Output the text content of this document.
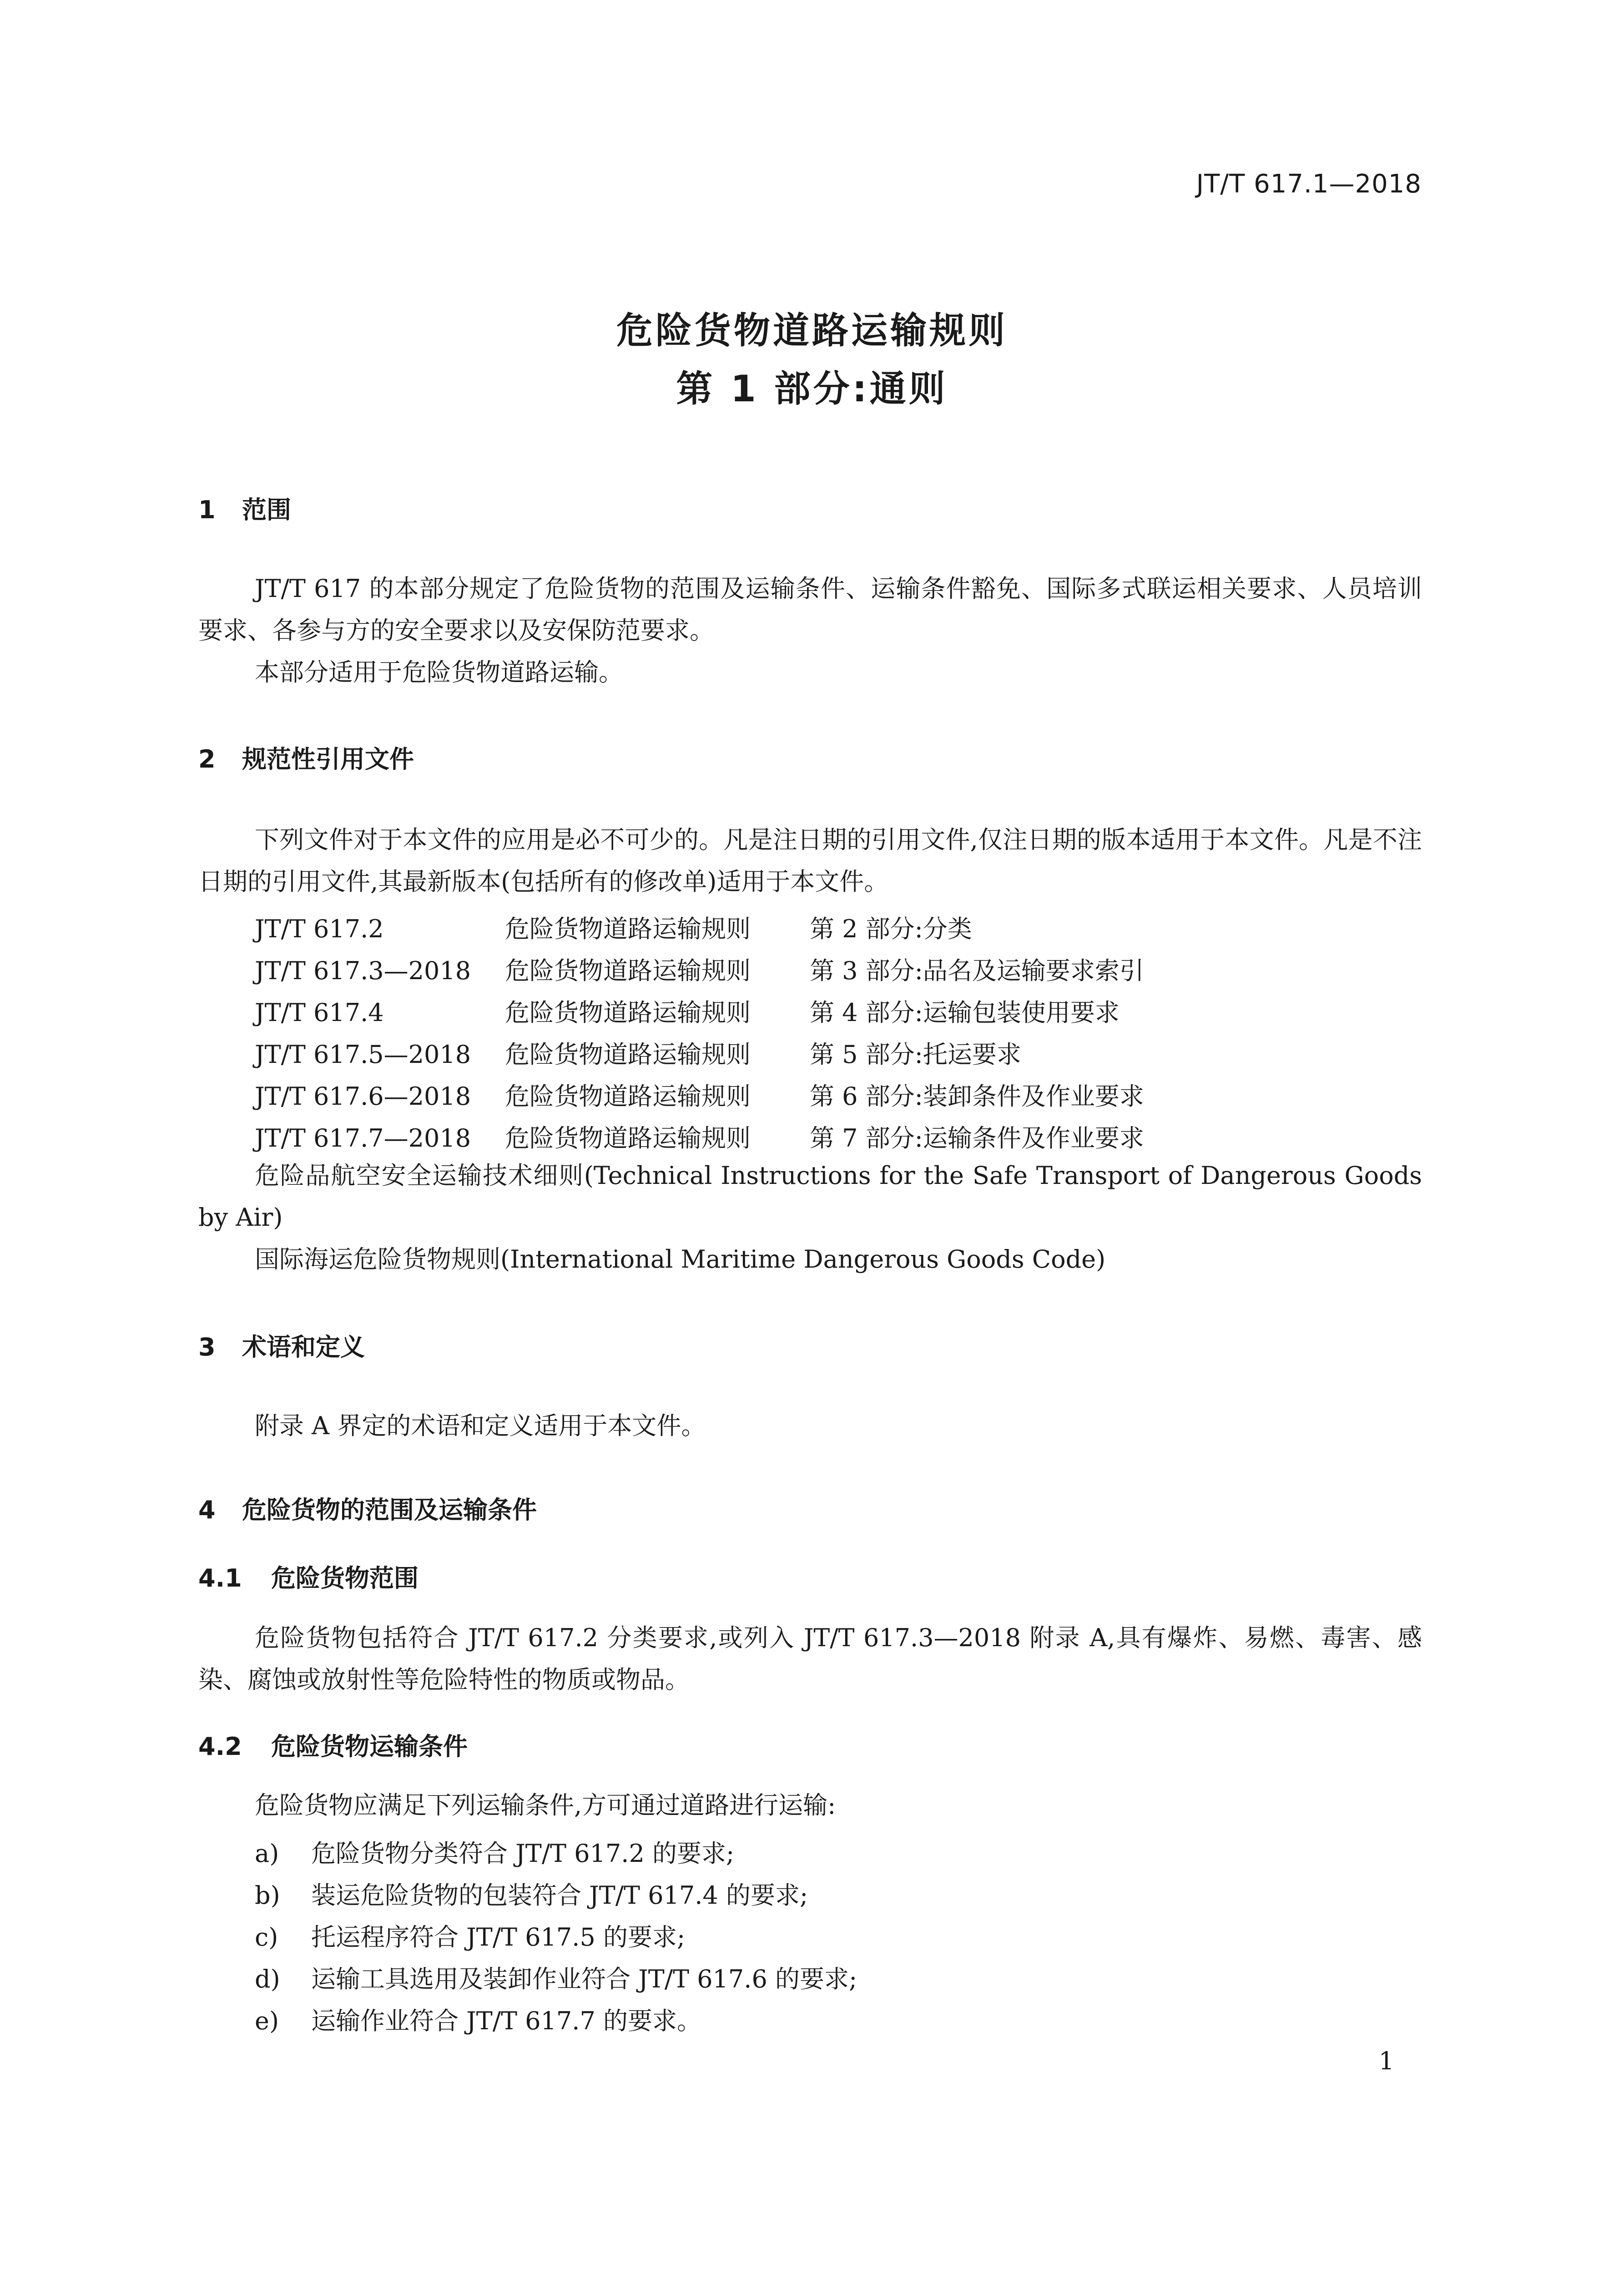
JT/T 617.1—2018
危险货物道路运输规则
第 1 部分:通则
1 范围
JT/T 617 的本部分规定了危险货物的范围及运输条件、运输条件豁免、国际多式联运相关要求、人员培训要求、各参与方的安全要求以及安保防范要求。
本部分适用于危险货物道路运输。
2 规范性引用文件
下列文件对于本文件的应用是必不可少的。凡是注日期的引用文件,仅注日期的版本适用于本文件。凡是不注日期的引用文件,其最新版本(包括所有的修改单)适用于本文件。
JT/T 617.2	危险货物道路运输规则 第 2 部分:分类
JT/T 617.3—2018 危险货物道路运输规则 第 3 部分:品名及运输要求索引
JT/T 617.4	危险货物道路运输规则 第 4 部分:运输包装使用要求
JT/T 617.5—2018 危险货物道路运输规则 第 5 部分:托运要求
JT/T 617.6—2018 危险货物道路运输规则 第 6 部分:装卸条件及作业要求
JT/T 617.7—2018 危险货物道路运输规则 第 7 部分:运输条件及作业要求
危险品航空安全运输技术细则(Technical Instructions for the Safe Transport of Dangerous Goods by Air)
国际海运危险货物规则(International Maritime Dangerous Goods Code)
3 术语和定义
附录 A 界定的术语和定义适用于本文件。
4 危险货物的范围及运输条件
4.1 危险货物范围
危险货物包括符合 JT/T 617.2 分类要求,或列入 JT/T 617.3—2018 附录 A,具有爆炸、易燃、毒害、感染、腐蚀或放射性等危险特性的物质或物品。
4.2 危险货物运输条件
危险货物应满足下列运输条件,方可通过道路进行运输:
a) 危险货物分类符合 JT/T 617.2 的要求;
b) 装运危险货物的包装符合 JT/T 617.4 的要求;
c) 托运程序符合 JT/T 617.5 的要求;
d) 运输工具选用及装卸作业符合 JT/T 617.6 的要求;
e) 运输作业符合 JT/T 617.7 的要求。
1
